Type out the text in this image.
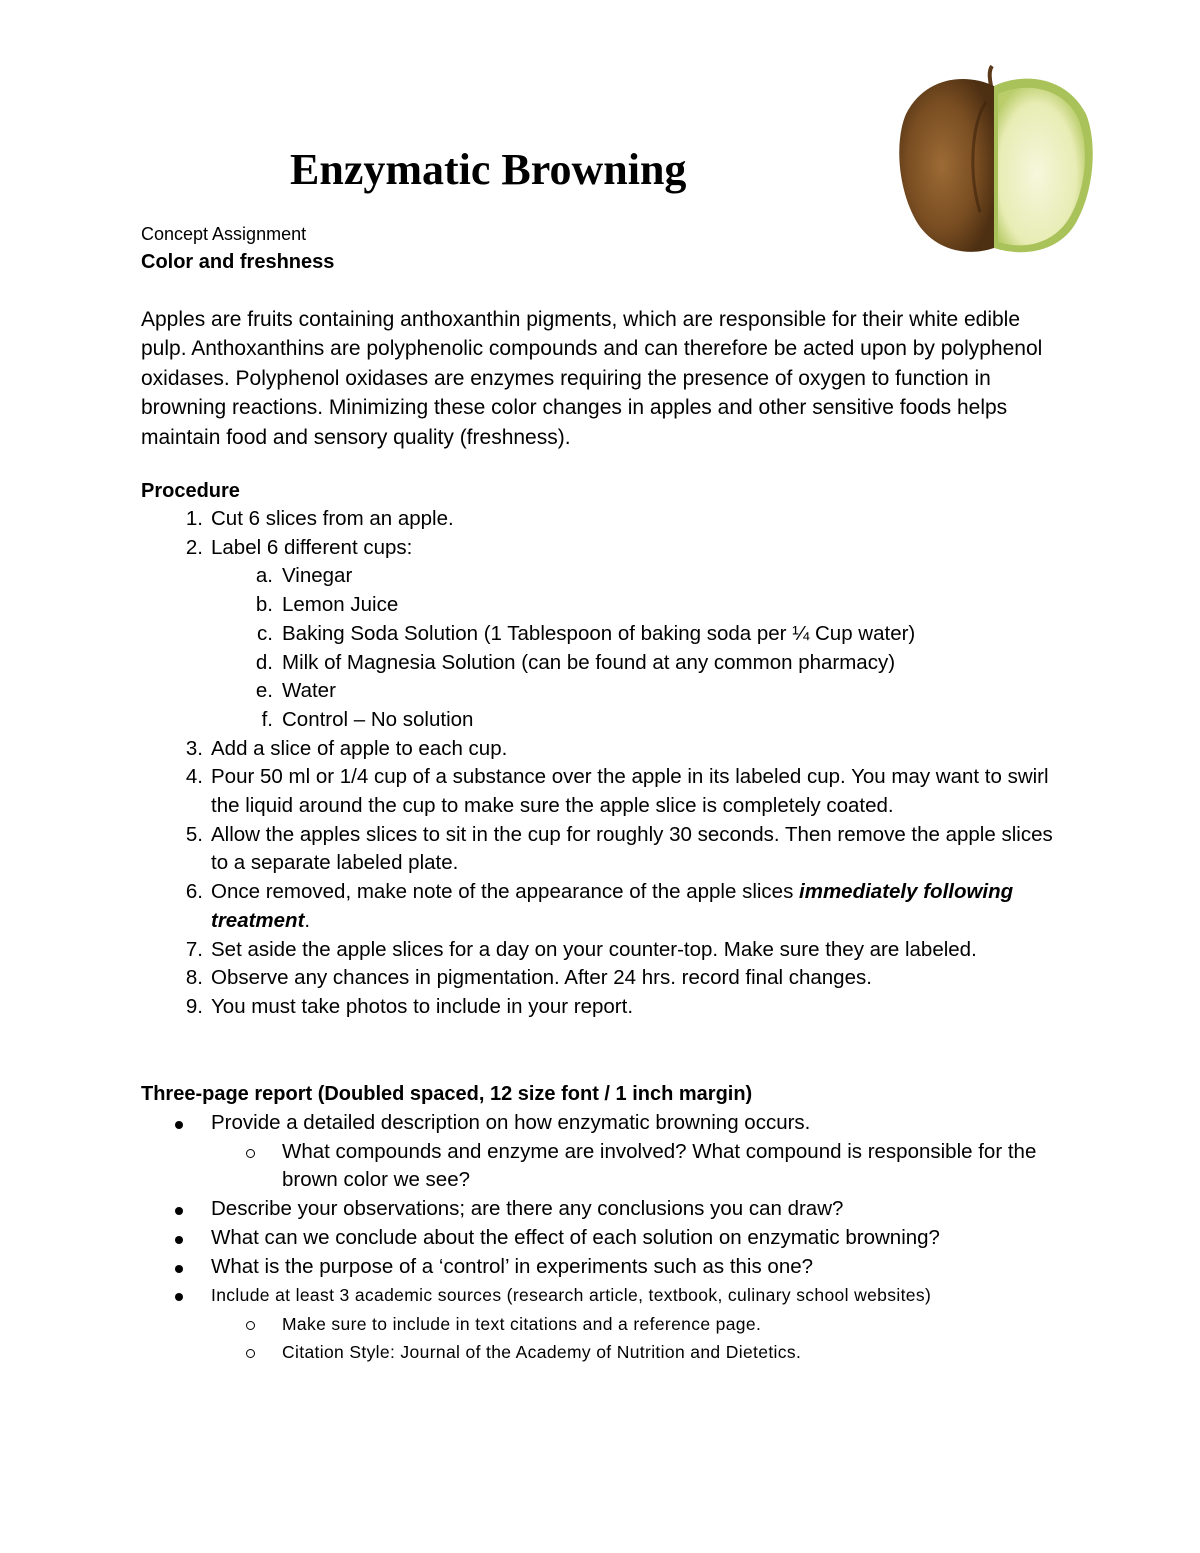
Enzymatic Browning
Concept Assignment
Color and freshness

Apples are fruits containing anthoxanthin pigments, which are responsible for their white edible pulp. Anthoxanthins are polyphenolic compounds and can therefore be acted upon by polyphenol oxidases. Polyphenol oxidases are enzymes requiring the presence of oxygen to function in browning reactions. Minimizing these color changes in apples and other sensitive foods helps maintain food and sensory quality (freshness).

Procedure
1. Cut 6 slices from an apple.
2. Label 6 different cups:
a. Vinegar
b. Lemon Juice
c. Baking Soda Solution (1 Tablespoon of baking soda per ¼ Cup water)
d. Milk of Magnesia Solution (can be found at any common pharmacy)
e. Water
f. Control – No solution
3. Add a slice of apple to each cup.
4. Pour 50 ml or 1/4 cup of a substance over the apple in its labeled cup. You may want to swirl the liquid around the cup to make sure the apple slice is completely coated.
5. Allow the apples slices to sit in the cup for roughly 30 seconds. Then remove the apple slices to a separate labeled plate.
6. Once removed, make note of the appearance of the apple slices immediately following treatment.
7. Set aside the apple slices for a day on your counter-top. Make sure they are labeled.
8. Observe any chances in pigmentation. After 24 hrs. record final changes.
9. You must take photos to include in your report.
Three-page report (Doubled spaced, 12 size font / 1 inch margin)
Provide a detailed description on how enzymatic browning occurs.
What compounds and enzyme are involved? What compound is responsible for the brown color we see?
Describe your observations; are there any conclusions you can draw?
What can we conclude about the effect of each solution on enzymatic browning?
What is the purpose of a ‘control’ in experiments such as this one?
Include at least 3 academic sources (research article, textbook, culinary school websites)
Make sure to include in text citations and a reference page.
Citation Style: Journal of the Academy of Nutrition and Dietetics.
